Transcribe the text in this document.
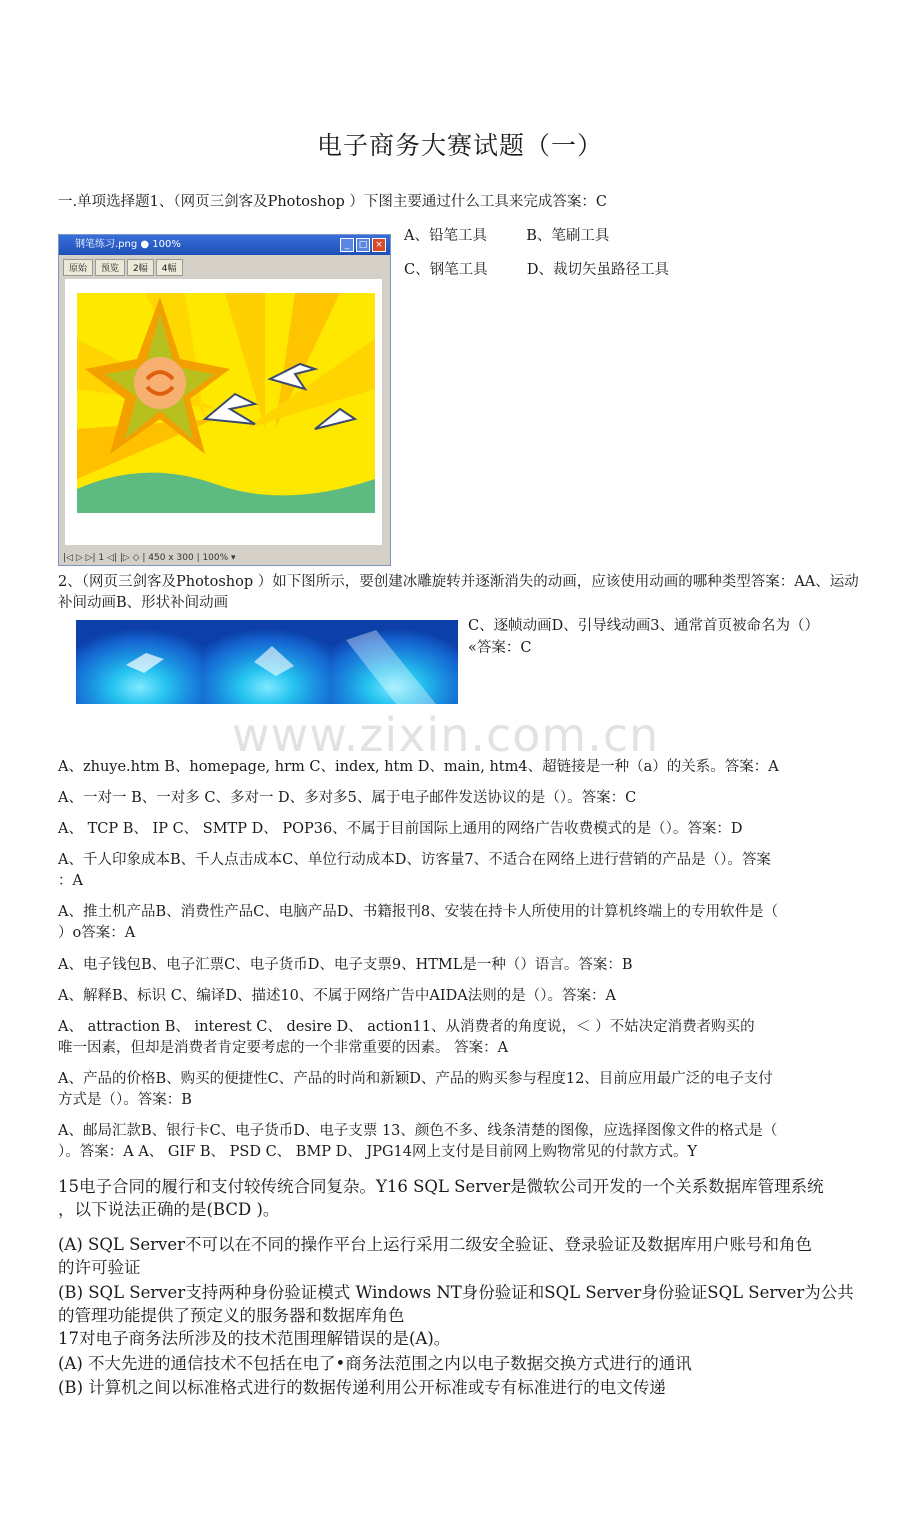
电子商务大赛试题（一）
一.单项选择题1、（网页三剑客及Photoshop ）下图主要通过什么工具来完成答案：C
钢笔练习.png ● 100%	_	□ ×
原始	预览	2幅	4幅
|◁ ▷ ▷| 1 ◁| |▷ ◇ | 450 x 300 | 100% ▾
A、铅笔工具	B、笔刷工具
C、钢笔工具	D、裁切矢虽路径工具
2、（网页三剑客及Photoshop ）如下图所示，要创建冰雕旋转并逐渐消失的动画，应该使用动画的哪种类型答案：AA、运动补间动画B、形状补间动画
C、逐帧动画D、引导线动画3、通常首页被命名为（）
«答案：C
www.zixin.com.cn
A、zhuye.htm B、homepage, hrm C、index, htm D、main, htm4、超链接是一种（a）的关系。答案：A
A、一对一 B、一对多 C、多对一 D、多对多5、属于电子邮件发送协议的是（）。答案：C
A、 TCP B、 IP C、 SMTP D、 POP36、不属于目前国际上通用的网络广告收费模式的是（）。答案：D
A、千人印象成本B、千人点击成本C、单位行动成本D、访客量7、不适合在网络上进行营销的产品是（）。答案
：A
A、推土机产品B、消费性产品C、电脑产品D、书籍报刊8、安装在持卡人所使用的计算机终端上的专用软件是（
）o答案：A
A、电子钱包B、电子汇票C、电子货币D、电子支票9、HTML是一种（）语言。答案：B
A、解释B、标识 C、编译D、描述10、不属于网络广告中AIDA法则的是（）。答案：A
A、 attraction B、 interest C、 desire D、 action11、从消费者的角度说，＜ ）不姑决定消费者购买的
唯一因素，但却是消费者肯定要考虑的一个非常重要的因素。 答案：A
A、产品的价格B、购买的便捷性C、产品的时尚和新颖D、产品的购买参与程度12、目前应用最广泛的电子支付
方式是（）。答案：B
A、邮局汇款B、银行卡C、电子货币D、电子支票 13、颜色不多、线条清楚的图像，应选择图像文件的格式是（
）。答案：A A、 GIF B、 PSD C、 BMP D、 JPG14网上支付是目前网上购物常见的付款方式。Y
15电子合同的履行和支付较传统合同复杂。Y16 SQL Server是微软公司开发的一个关系数据库管理系统
，以下说法正确的是(BCD )。
(A) SQL Server不可以在不同的操作平台上运行采用二级安全验证、登录验证及数据库用户账号和角色
的许可验证
(B) SQL Server支持两种身份验证模式 Windows NT身份验证和SQL Server身份验证SQL Server为公共
的管理功能提供了预定义的服务器和数据库角色
17对电子商务法所涉及的技术范围理解错误的是(A)。
(A) 不大先进的通信技术不包括在电了•商务法范围之内以电子数据交换方式进行的通讯
(B) 计算机之间以标准格式进行的数据传递利用公开标准或专有标准进行的电文传递
